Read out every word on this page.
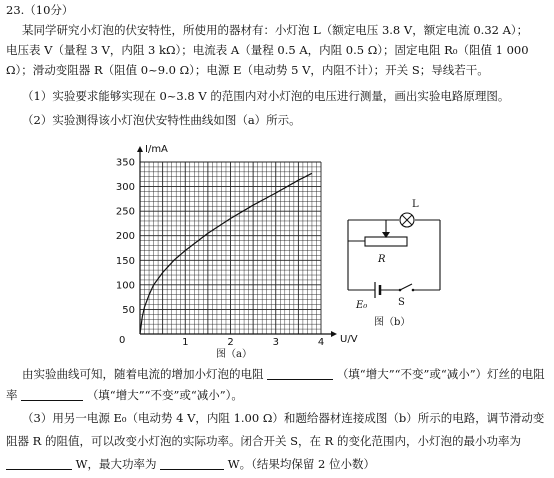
23.（10分）
某同学研究小灯泡的伏安特性，所使用的器材有：小灯泡 L（额定电压 3.8 V，额定电流 0.32 A）；
电压表 V（量程 3 V，内阻 3 kΩ）；电流表 A（量程 0.5 A，内阻 0.5 Ω）；固定电阻 R₀（阻值 1 000
Ω）；滑动变阻器 R（阻值 0~9.0 Ω）；电源 E（电动势 5 V，内阻不计）；开关 S；导线若干。
（1）实验要求能够实现在 0~3.8 V 的范围内对小灯泡的电压进行测量，画出实验电路原理图。
（2）实验测得该小灯泡伏安特性曲线如图（a）所示。
50
100
150
200
250
300
350
1	2	3	4
I/mA
U/V
0
图（a）
L
R
E₀	S
图（b）
由实验曲线可知，随着电流的增加小灯泡的电阻	（填“增大”“不变”或“减小”）灯丝的电阻
率	（填“增大”“不变”或“减小”）。
（3）用另一电源 E₀（电动势 4 V，内阻 1.00 Ω）和题给器材连接成图（b）所示的电路，调节滑动变
阻器 R 的阻值，可以改变小灯泡的实际功率。闭合开关 S，在 R 的变化范围内，小灯泡的最小功率为
W，最大功率为	W。（结果均保留 2 位小数）
